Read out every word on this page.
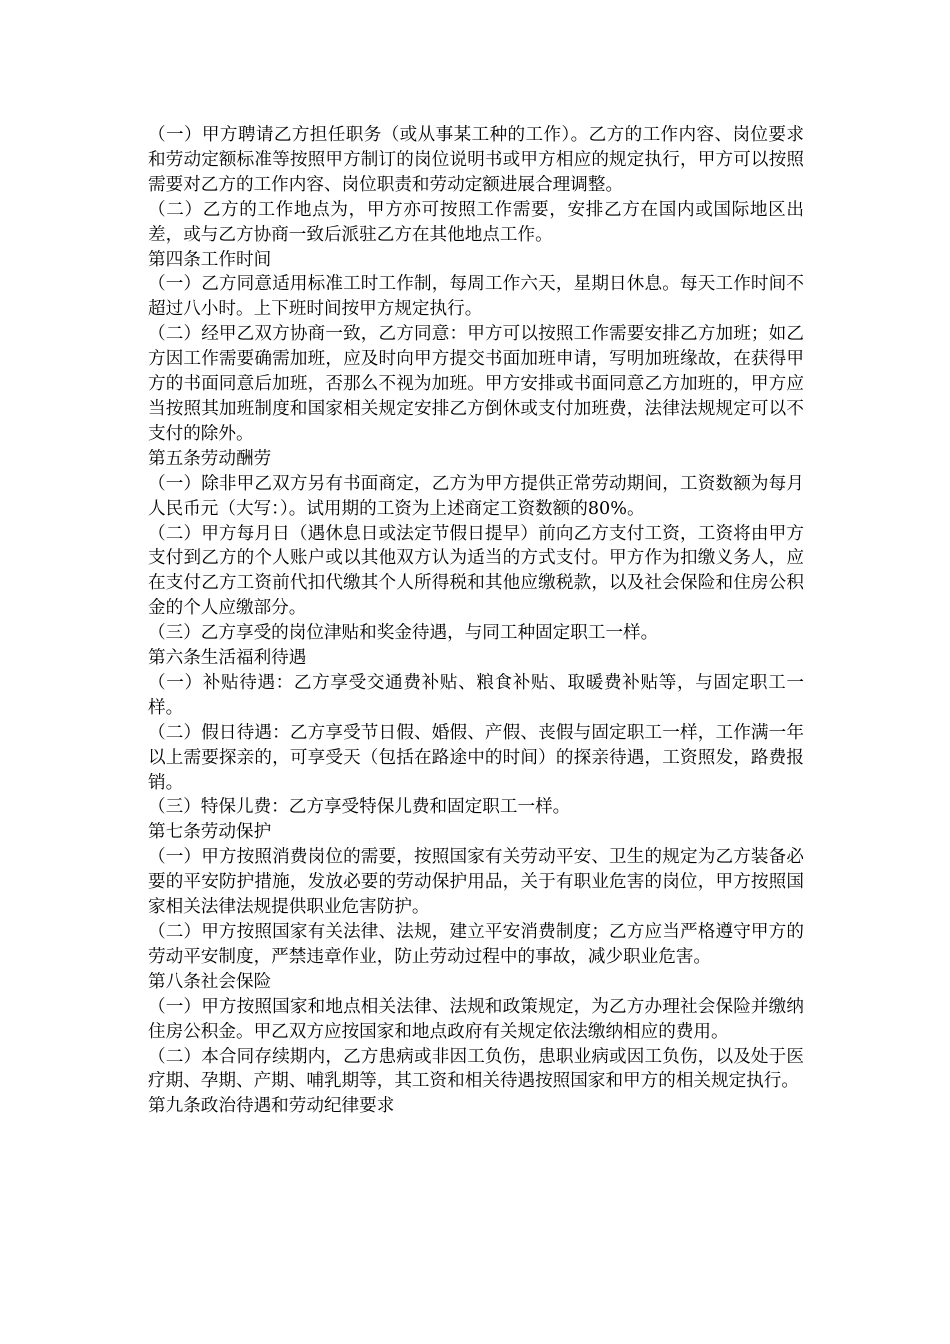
（一）甲方聘请乙方担任职务（或从事某工种的工作）。乙方的工作内容、岗位要求和劳动定额标准等按照甲方制订的岗位说明书或甲方相应的规定执行，甲方可以按照需要对乙方的工作内容、岗位职责和劳动定额进展合理调整。

（二）乙方的工作地点为，甲方亦可按照工作需要，安排乙方在国内或国际地区出差，或与乙方协商一致后派驻乙方在其他地点工作。

第四条工作时间

（一）乙方同意适用标准工时工作制，每周工作六天，星期日休息。每天工作时间不超过八小时。上下班时间按甲方规定执行。

（二）经甲乙双方协商一致，乙方同意：甲方可以按照工作需要安排乙方加班；如乙方因工作需要确需加班，应及时向甲方提交书面加班申请，写明加班缘故，在获得甲方的书面同意后加班，否那么不视为加班。甲方安排或书面同意乙方加班的，甲方应当按照其加班制度和国家相关规定安排乙方倒休或支付加班费，法律法规规定可以不支付的除外。

第五条劳动酬劳

（一）除非甲乙双方另有书面商定，乙方为甲方提供正常劳动期间，工资数额为每月人民币元（大写：）。试用期的工资为上述商定工资数额的80%。

（二）甲方每月日（遇休息日或法定节假日提早）前向乙方支付工资，工资将由甲方支付到乙方的个人账户或以其他双方认为适当的方式支付。甲方作为扣缴义务人，应在支付乙方工资前代扣代缴其个人所得税和其他应缴税款，以及社会保险和住房公积金的个人应缴部分。

（三）乙方享受的岗位津贴和奖金待遇，与同工种固定职工一样。

第六条生活福利待遇

（一）补贴待遇：乙方享受交通费补贴、粮食补贴、取暖费补贴等，与固定职工一样。

（二）假日待遇：乙方享受节日假、婚假、产假、丧假与固定职工一样，工作满一年以上需要探亲的，可享受天（包括在路途中的时间）的探亲待遇，工资照发，路费报销。

（三）特保儿费：乙方享受特保儿费和固定职工一样。

第七条劳动保护

（一）甲方按照消费岗位的需要，按照国家有关劳动平安、卫生的规定为乙方装备必要的平安防护措施，发放必要的劳动保护用品，关于有职业危害的岗位，甲方按照国家相关法律法规提供职业危害防护。

（二）甲方按照国家有关法律、法规，建立平安消费制度；乙方应当严格遵守甲方的劳动平安制度，严禁违章作业，防止劳动过程中的事故，减少职业危害。

第八条社会保险

（一）甲方按照国家和地点相关法律、法规和政策规定，为乙方办理社会保险并缴纳住房公积金。甲乙双方应按国家和地点政府有关规定依法缴纳相应的费用。

（二）本合同存续期内，乙方患病或非因工负伤，患职业病或因工负伤，以及处于医疗期、孕期、产期、哺乳期等，其工资和相关待遇按照国家和甲方的相关规定执行。

第九条政治待遇和劳动纪律要求
